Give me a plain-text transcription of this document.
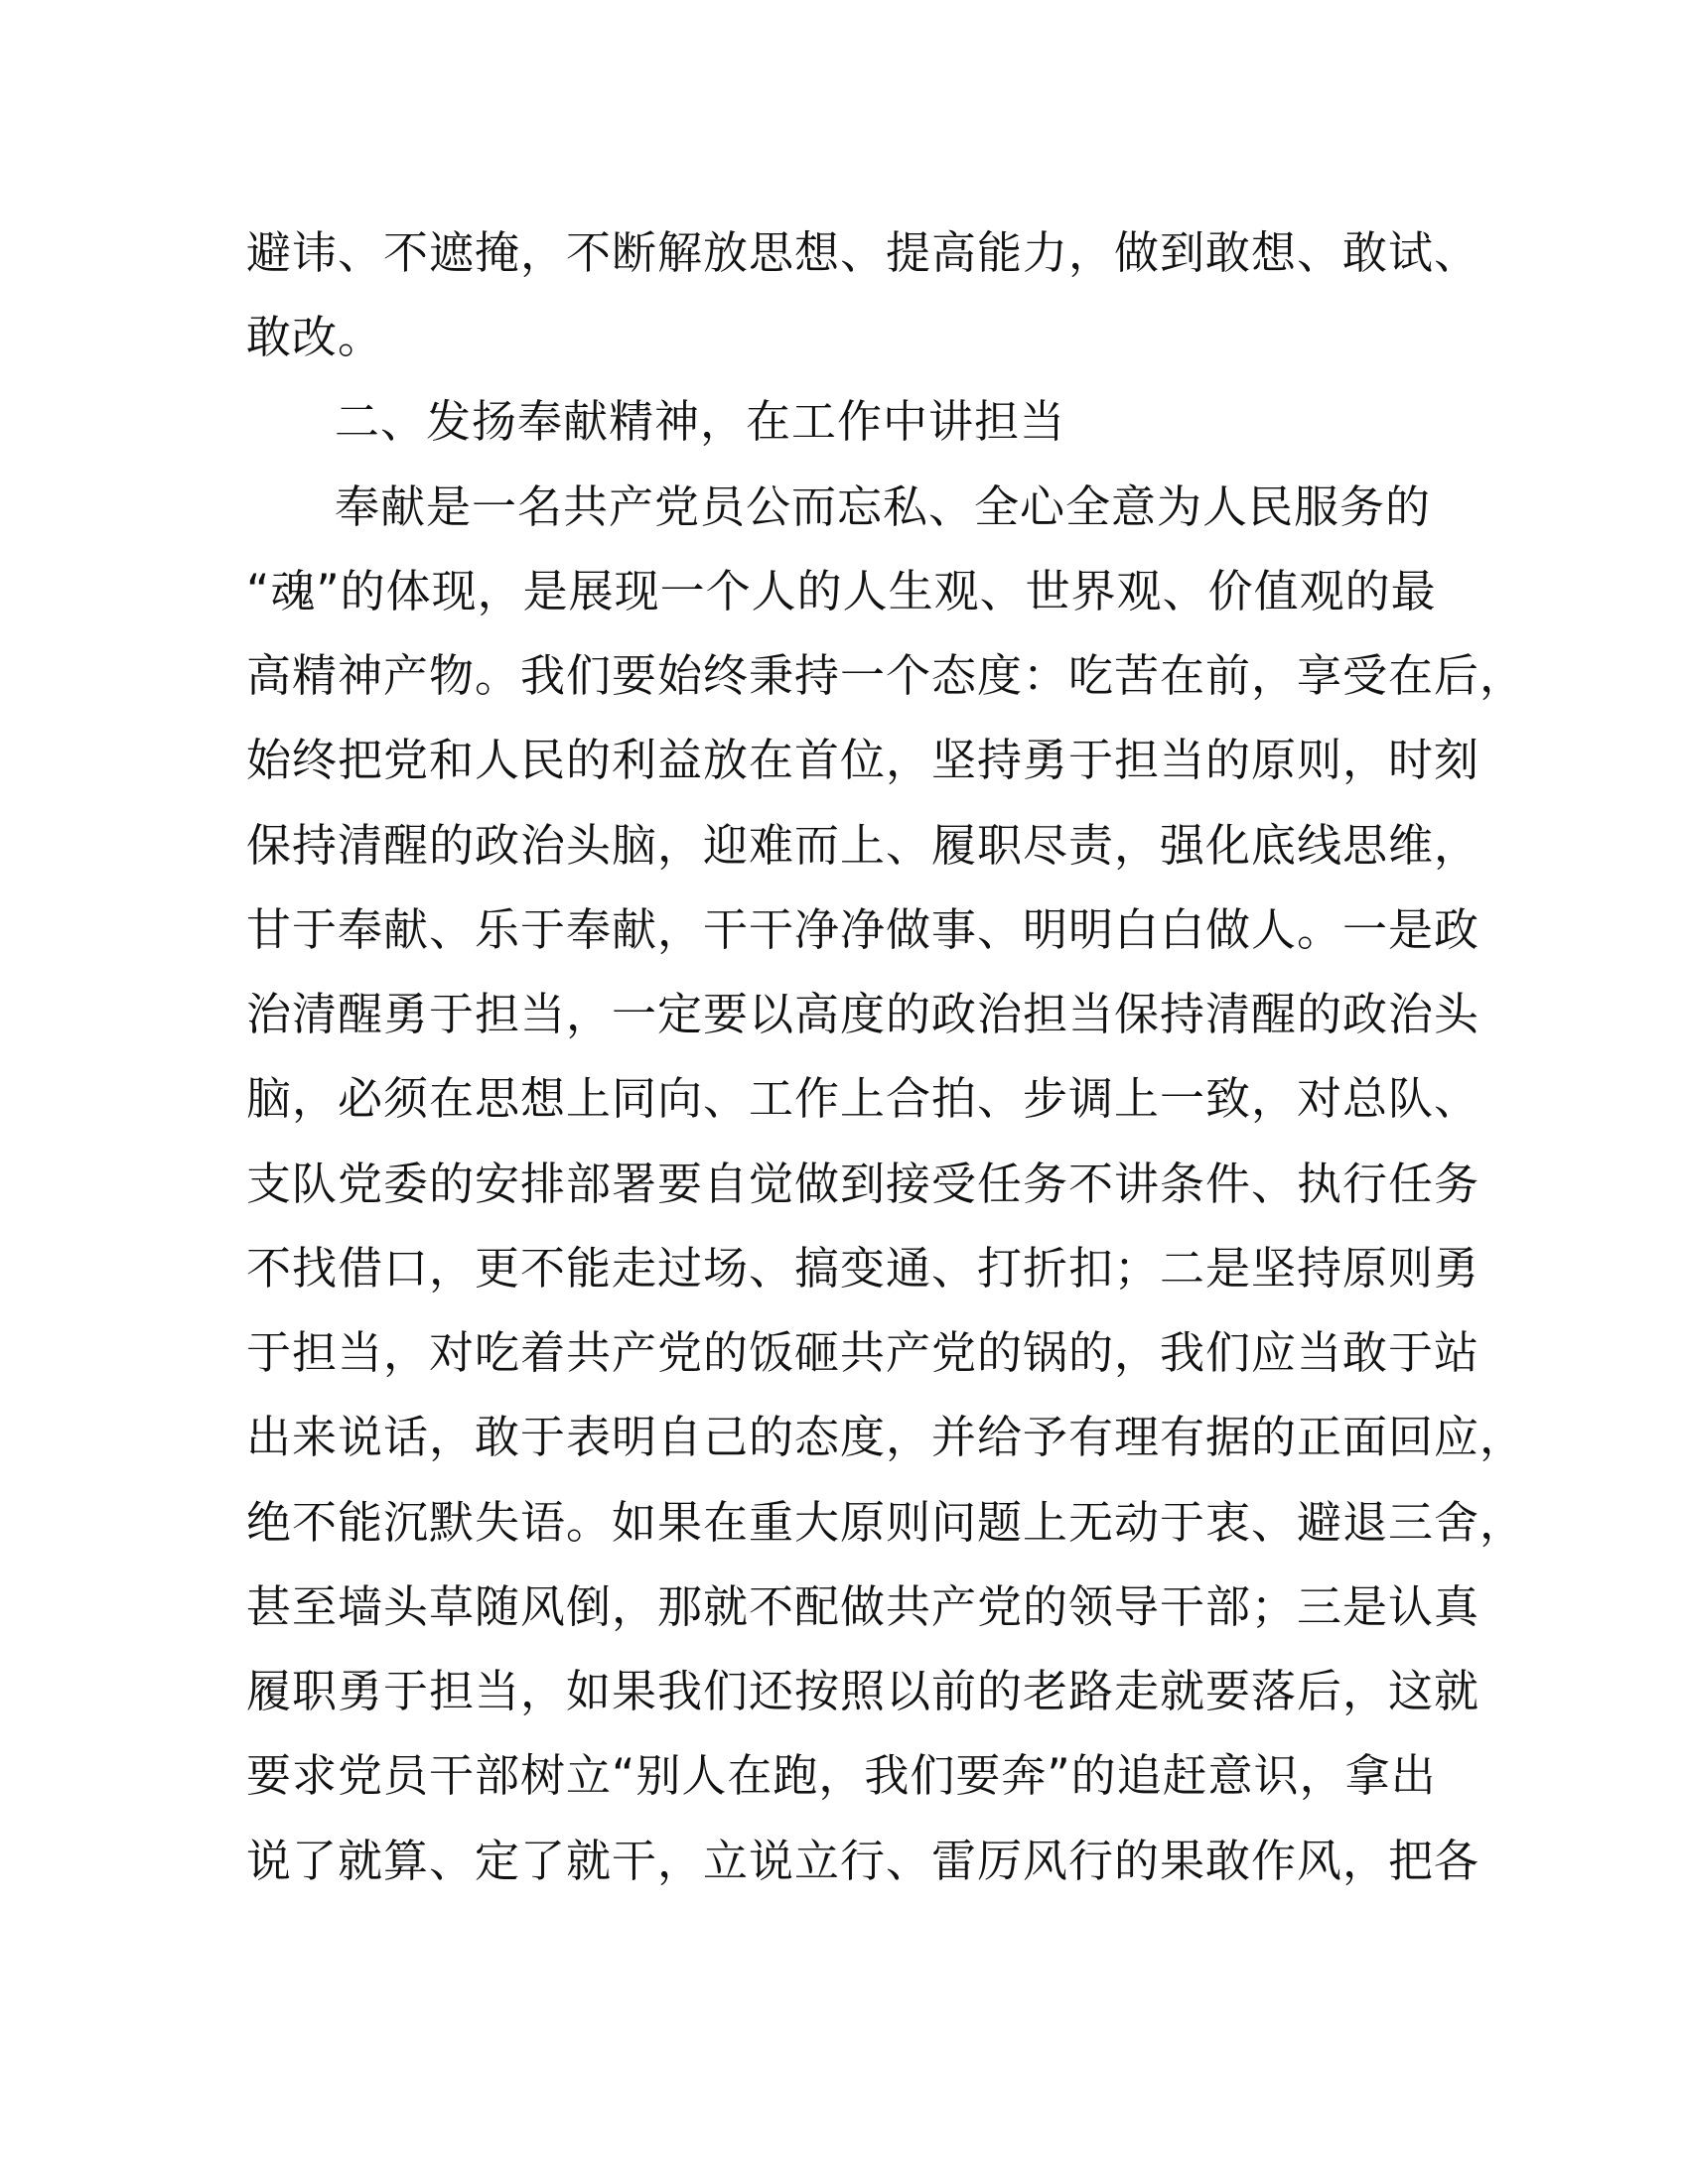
避讳、不遮掩，不断解放思想、提高能力，做到敢想、敢试、
敢改。
二、发扬奉献精神，在工作中讲担当
奉献是一名共产党员公而忘私、全心全意为人民服务的
“魂”的体现，是展现一个人的人生观、世界观、价值观的最
高精神产物。我们要始终秉持一个态度：吃苦在前，享受在后，
始终把党和人民的利益放在首位，坚持勇于担当的原则，时刻
保持清醒的政治头脑，迎难而上、履职尽责，强化底线思维，
甘于奉献、乐于奉献，干干净净做事、明明白白做人。一是政
治清醒勇于担当，一定要以高度的政治担当保持清醒的政治头
脑，必须在思想上同向、工作上合拍、步调上一致，对总队、
支队党委的安排部署要自觉做到接受任务不讲条件、执行任务
不找借口，更不能走过场、搞变通、打折扣；二是坚持原则勇
于担当，对吃着共产党的饭砸共产党的锅的，我们应当敢于站
出来说话，敢于表明自己的态度，并给予有理有据的正面回应，
绝不能沉默失语。如果在重大原则问题上无动于衷、避退三舍，
甚至墙头草随风倒，那就不配做共产党的领导干部；三是认真
履职勇于担当，如果我们还按照以前的老路走就要落后，这就
要求党员干部树立“别人在跑，我们要奔”的追赶意识，拿出
说了就算、定了就干，立说立行、雷厉风行的果敢作风，把各
